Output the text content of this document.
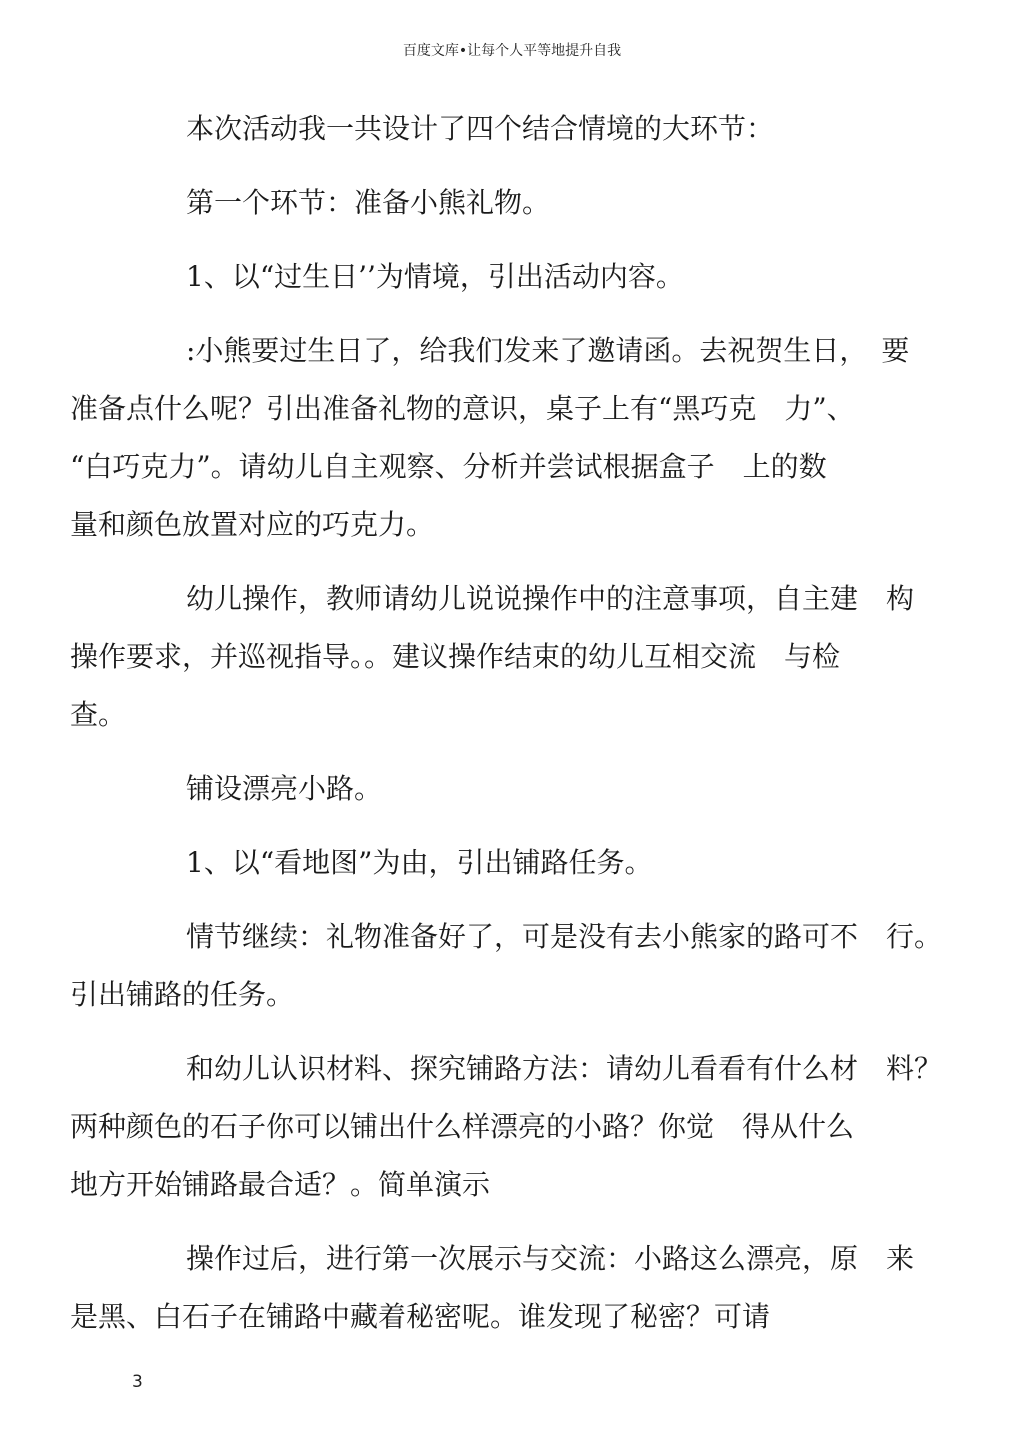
百度文库•让每个人平等地提升自我

本次活动我一共设计了四个结合情境的大环节：

第一个环节：准备小熊礼物。

1、以“过生日’’为情境，引出活动内容。

:小熊要过生日了，给我们发来了邀请函。去祝贺生日，　要
准备点什么呢？引出准备礼物的意识，桌子上有“黑巧克　力”、
“白巧克力”。请幼儿自主观察、分析并尝试根据盒子　上的数
量和颜色放置对应的巧克力。

幼儿操作，教师请幼儿说说操作中的注意事项，自主建　构
操作要求，并巡视指导。。建议操作结束的幼儿互相交流　与检
查。

铺设漂亮小路。

1、以“看地图”为由，引出铺路任务。

情节继续：礼物准备好了，可是没有去小熊家的路可不　行。
引出铺路的任务。

和幼儿认识材料、探究铺路方法：请幼儿看看有什么材　料？
两种颜色的石子你可以铺出什么样漂亮的小路？你觉　得从什么
地方开始铺路最合适？。简单演示

操作过后，进行第一次展示与交流：小路这么漂亮，原　来
是黑、白石子在铺路中藏着秘密呢。谁发现了秘密？可请

3
